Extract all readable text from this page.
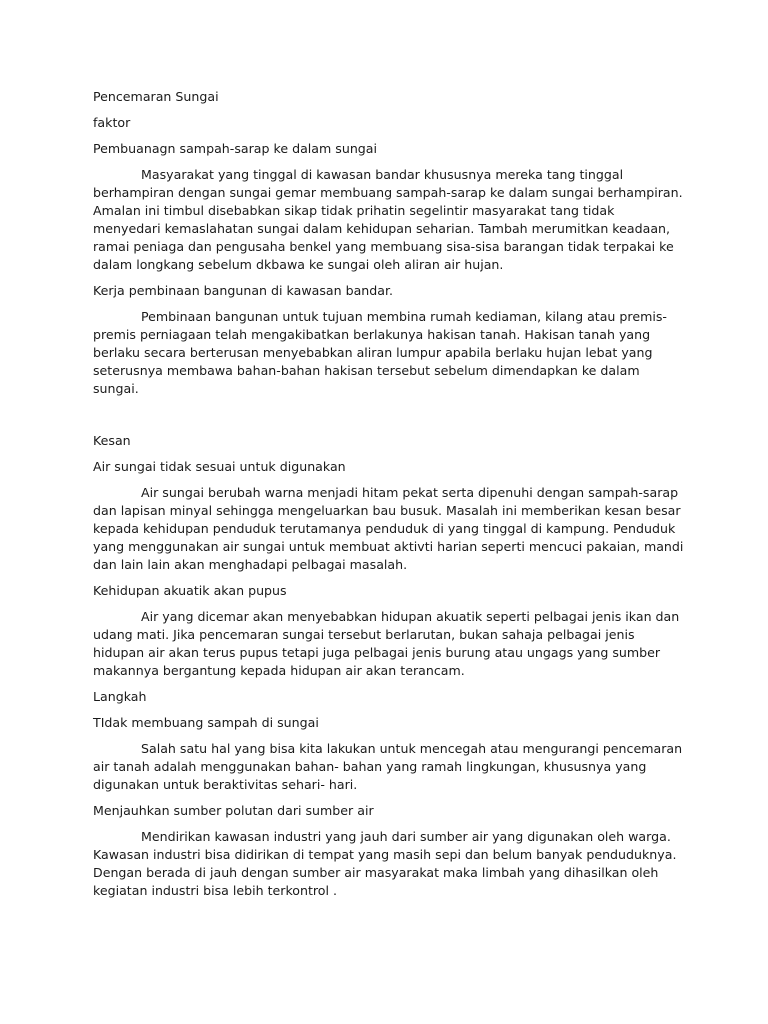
Pencemaran Sungai

faktor

Pembuanagn sampah-sarap ke dalam sungai

Masyarakat yang tinggal di kawasan bandar khususnya mereka tang tinggal berhampiran dengan sungai gemar membuang sampah-sarap ke dalam sungai berhampiran. Amalan ini timbul disebabkan sikap tidak prihatin segelintir masyarakat tang tidak menyedari kemaslahatan sungai dalam kehidupan seharian. Tambah merumitkan keadaan, ramai peniaga dan pengusaha benkel yang membuang sisa-sisa barangan tidak terpakai ke dalam longkang sebelum dkbawa ke sungai oleh aliran air hujan.

Kerja pembinaan bangunan di kawasan bandar.

Pembinaan bangunan untuk tujuan membina rumah kediaman, kilang atau premis-premis perniagaan telah mengakibatkan berlakunya hakisan tanah. Hakisan tanah yang berlaku secara berterusan menyebabkan aliran lumpur apabila berlaku hujan lebat yang seterusnya membawa bahan-bahan hakisan tersebut sebelum dimendapkan ke dalam sungai.

Kesan

Air sungai tidak sesuai untuk digunakan

Air sungai berubah warna menjadi hitam pekat serta dipenuhi dengan sampah-sarap dan lapisan minyal sehingga mengeluarkan bau busuk. Masalah ini memberikan kesan besar kepada kehidupan penduduk terutamanya penduduk di yang tinggal di kampung. Penduduk yang menggunakan air sungai untuk membuat aktivti harian seperti mencuci pakaian, mandi dan lain lain akan menghadapi pelbagai masalah.

Kehidupan akuatik akan pupus

Air yang dicemar akan menyebabkan hidupan akuatik seperti pelbagai jenis ikan dan udang mati. Jika pencemaran sungai tersebut berlarutan, bukan sahaja pelbagai jenis hidupan air akan terus pupus tetapi juga pelbagai jenis burung atau ungags yang sumber makannya bergantung kepada hidupan air akan terancam.

Langkah

TIdak membuang sampah di sungai

Salah satu hal yang bisa kita lakukan untuk mencegah atau mengurangi pencemaran air tanah adalah menggunakan bahan- bahan yang ramah lingkungan, khususnya yang digunakan untuk beraktivitas sehari- hari.

Menjauhkan sumber polutan dari sumber air

Mendirikan kawasan industri yang jauh dari sumber air yang digunakan oleh warga. Kawasan industri bisa didirikan di tempat yang masih sepi dan belum banyak penduduknya. Dengan berada di jauh dengan sumber air masyarakat maka limbah yang dihasilkan oleh kegiatan industri bisa lebih terkontrol .
